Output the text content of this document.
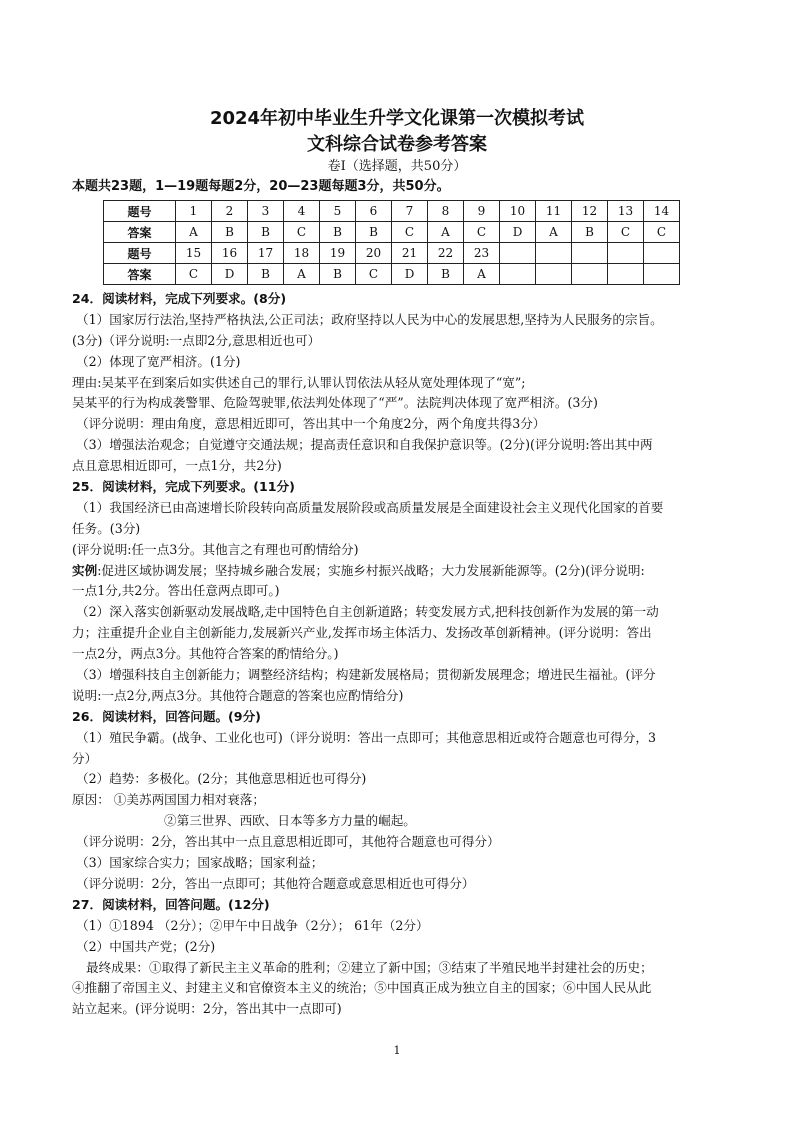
2024年初中毕业生升学文化课第一次模拟考试
文科综合试卷参考答案
卷Ⅰ（选择题，共50分）
本题共23题，1—19题每题2分，20—23题每题3分，共50分。
题号	1	2	3	4	5	6	7	8	9	10	11	12	13	14
答案	A	B	B	C	B	B	C	A	C	D	A	B	C	C
题号	15	16	17	18	19	20	21	22	23					
答案	C	D	B	A	B	C	D	B	A					
24．阅读材料，完成下列要求。(8分)
（1）国家厉行法治,坚持严格执法,公正司法；政府坚持以人民为中心的发展思想,坚持为人民服务的宗旨。
(3分)（评分说明:一点即2分,意思相近也可）
（2）体现了宽严相济。(1分)
理由:吴某平在到案后如实供述自己的罪行,认罪认罚依法从轻从宽处理体现了“宽”;
吴某平的行为构成袭警罪、危险驾驶罪,依法判处体现了“严”。法院判决体现了宽严相济。(3分)
（评分说明：理由角度，意思相近即可，答出其中一个角度2分，两个角度共得3分）
（3）增强法治观念；自觉遵守交通法规；提高责任意识和自我保护意识等。(2分)(评分说明:答出其中两
点且意思相近即可，一点1分，共2分)
25．阅读材料，完成下列要求。(11分)
（1）我国经济已由高速增长阶段转向高质量发展阶段或高质量发展是全面建设社会主义现代化国家的首要
任务。(3分)
(评分说明:任一点3分。其他言之有理也可酌情给分)
实例:促进区域协调发展；坚持城乡融合发展；实施乡村振兴战略；大力发展新能源等。(2分)(评分说明:
一点1分,共2分。答出任意两点即可。)
（2）深入落实创新驱动发展战略,走中国特色自主创新道路；转变发展方式,把科技创新作为发展的第一动
力；注重提升企业自主创新能力,发展新兴产业,发挥市场主体活力、发扬改革创新精神。(评分说明：答出
一点2分，两点3分。其他符合答案的酌情给分。)
（3）增强科技自主创新能力；调整经济结构；构建新发展格局；贯彻新发展理念；增进民生福祉。(评分
说明:一点2分,两点3分。其他符合题意的答案也应酌情给分)
26．阅读材料，回答问题。(9分)
（1）殖民争霸。(战争、工业化也可)（评分说明：答出一点即可；其他意思相近或符合题意也可得分，3
分）
（2）趋势：多极化。(2分；其他意思相近也可得分)
原因： ①美苏两国国力相对衰落；
②第三世界、西欧、日本等多方力量的崛起。
（评分说明：2分，答出其中一点且意思相近即可，其他符合题意也可得分）
（3）国家综合实力；国家战略；国家利益；
（评分说明：2分，答出一点即可；其他符合题意或意思相近也可得分）
27．阅读材料，回答问题。(12分)
（1）①1894 （2分）；②甲午中日战争（2分）； 61年（2分）
（2）中国共产党；(2分)
最终成果：①取得了新民主主义革命的胜利；②建立了新中国；③结束了半殖民地半封建社会的历史；
④推翻了帝国主义、封建主义和官僚资本主义的统治；⑤中国真正成为独立自主的国家；⑥中国人民从此
站立起来。(评分说明：2分，答出其中一点即可)
1
